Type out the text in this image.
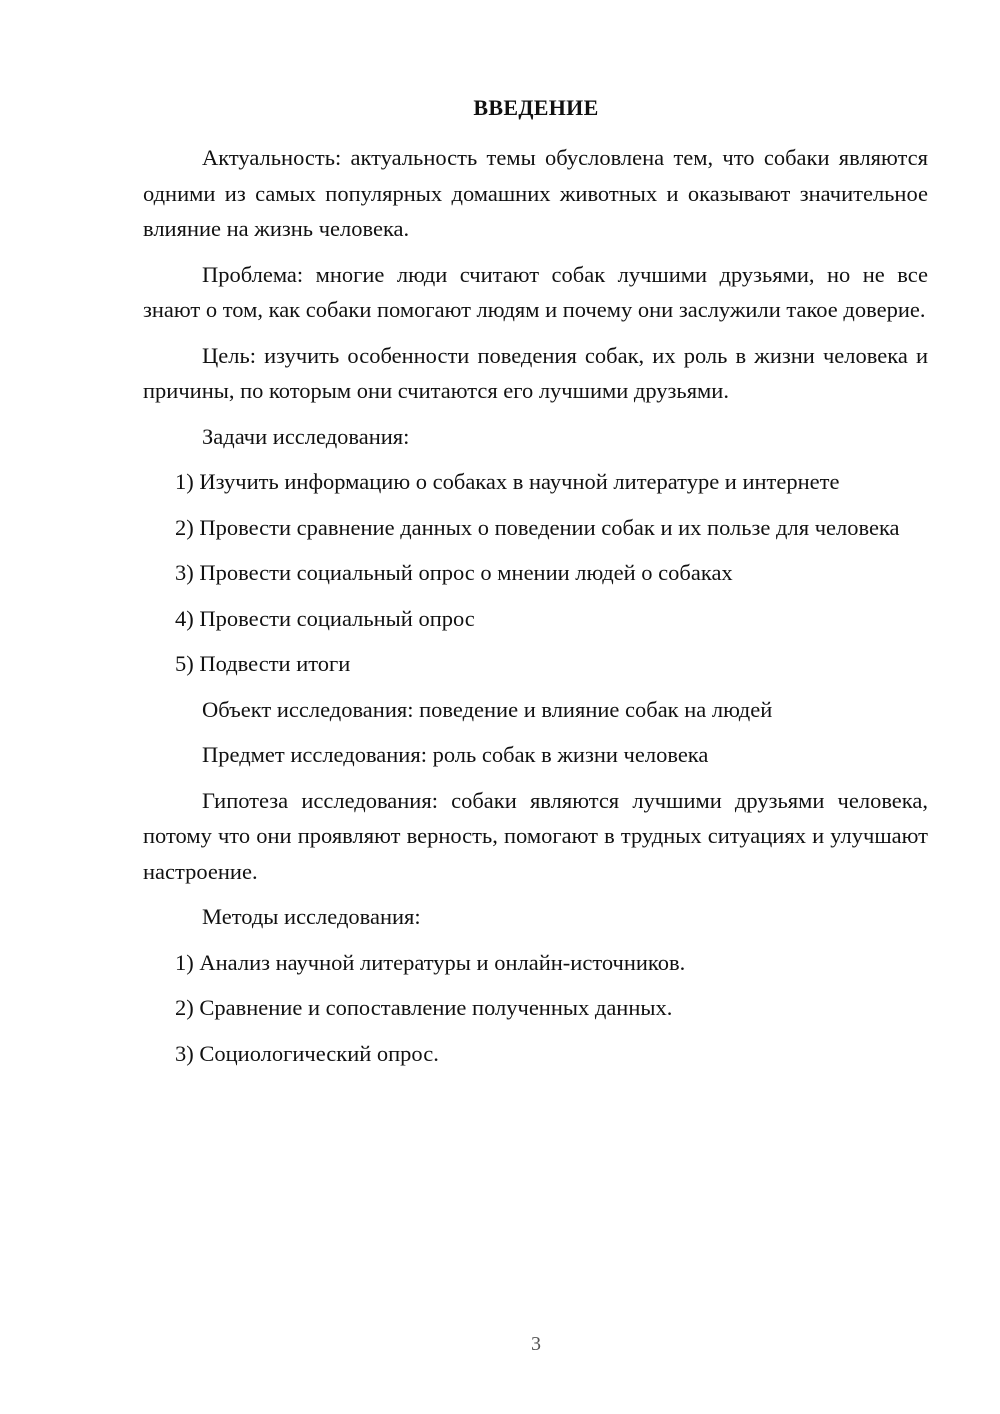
ВВЕДЕНИЕ

Актуальность: актуальность темы обусловлена тем, что собаки являются одними из самых популярных домашних животных и оказывают значительное влияние на жизнь человека.

Проблема: многие люди считают собак лучшими друзьями, но не все знают о том, как собаки помогают людям и почему они заслужили такое доверие.

Цель: изучить особенности поведения собак, их роль в жизни человека и причины, по которым они считаются его лучшими друзьями.

Задачи исследования:

1) Изучить информацию о собаках в научной литературе и интернете

2) Провести сравнение данных о поведении собак и их пользе для человека

3) Провести социальный опрос о мнении людей о собаках

4) Провести социальный опрос

5) Подвести итоги

Объект исследования: поведение и влияние собак на людей

Предмет исследования: роль собак в жизни человека

Гипотеза исследования: собаки являются лучшими друзьями человека, потому что они проявляют верность, помогают в трудных ситуациях и улучшают настроение.

Методы исследования:

1) Анализ научной литературы и онлайн-источников.

2) Сравнение и сопоставление полученных данных.

3) Социологический опрос.

3
